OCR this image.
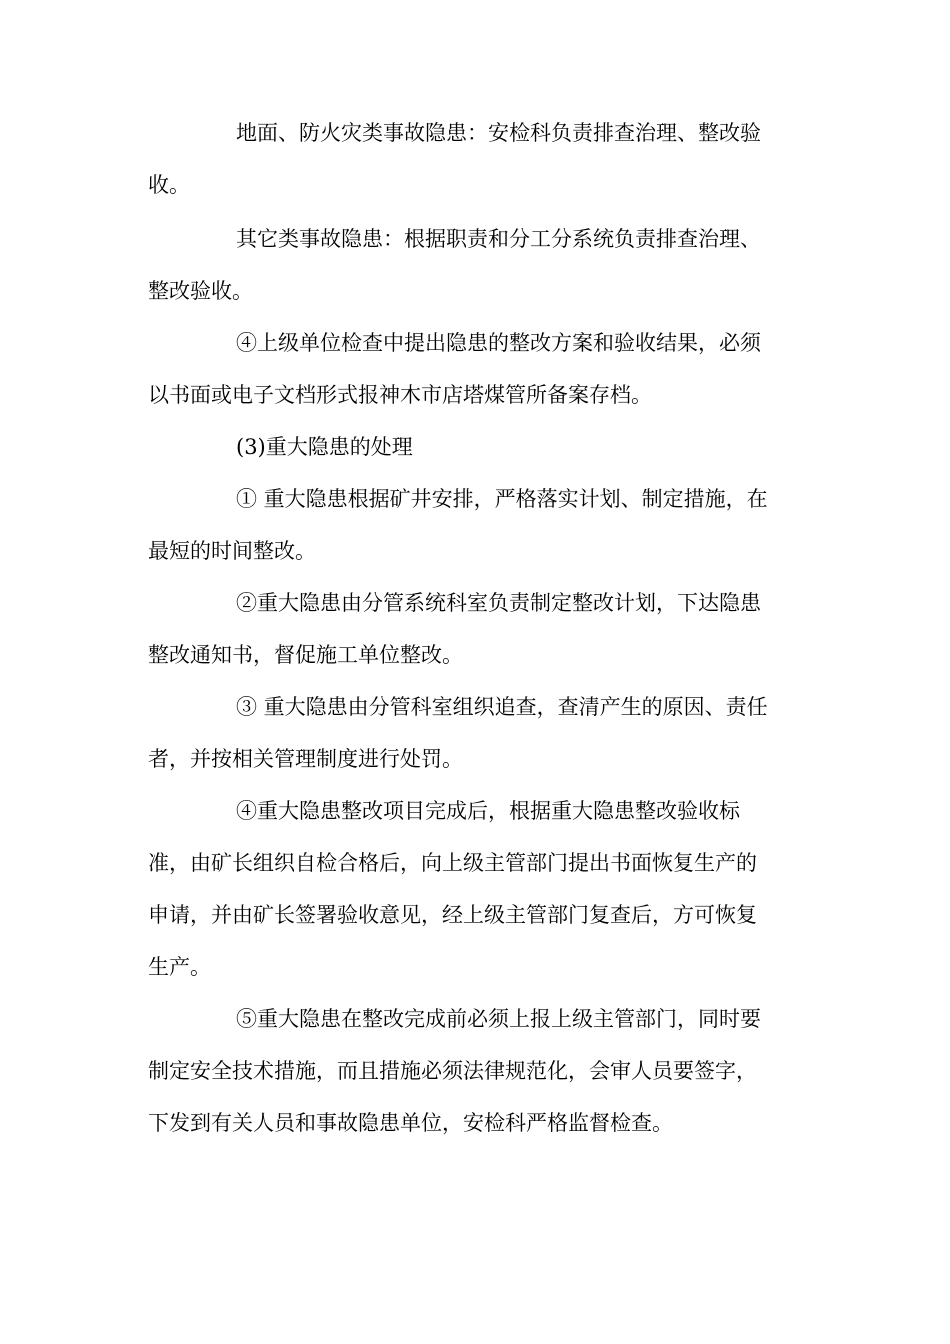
地面、防火灾类事故隐患：安检科负责排查治理、整改验
收。
其它类事故隐患：根据职责和分工分系统负责排查治理、
整改验收。
④上级单位检查中提出隐患的整改方案和验收结果，必须
以书面或电子文档形式报神木市店塔煤管所备案存档。
(3)重大隐患的处理
① 重大隐患根据矿井安排，严格落实计划、制定措施，在
最短的时间整改。
②重大隐患由分管系统科室负责制定整改计划，下达隐患
整改通知书，督促施工单位整改。
③ 重大隐患由分管科室组织追查，查清产生的原因、责任
者，并按相关管理制度进行处罚。
④重大隐患整改项目完成后，根据重大隐患整改验收标
准，由矿长组织自检合格后，向上级主管部门提出书面恢复生产的
申请，并由矿长签署验收意见，经上级主管部门复查后，方可恢复
生产。
⑤重大隐患在整改完成前必须上报上级主管部门，同时要
制定安全技术措施，而且措施必须法律规范化，会审人员要签字，
下发到有关人员和事故隐患单位，安检科严格监督检查。
